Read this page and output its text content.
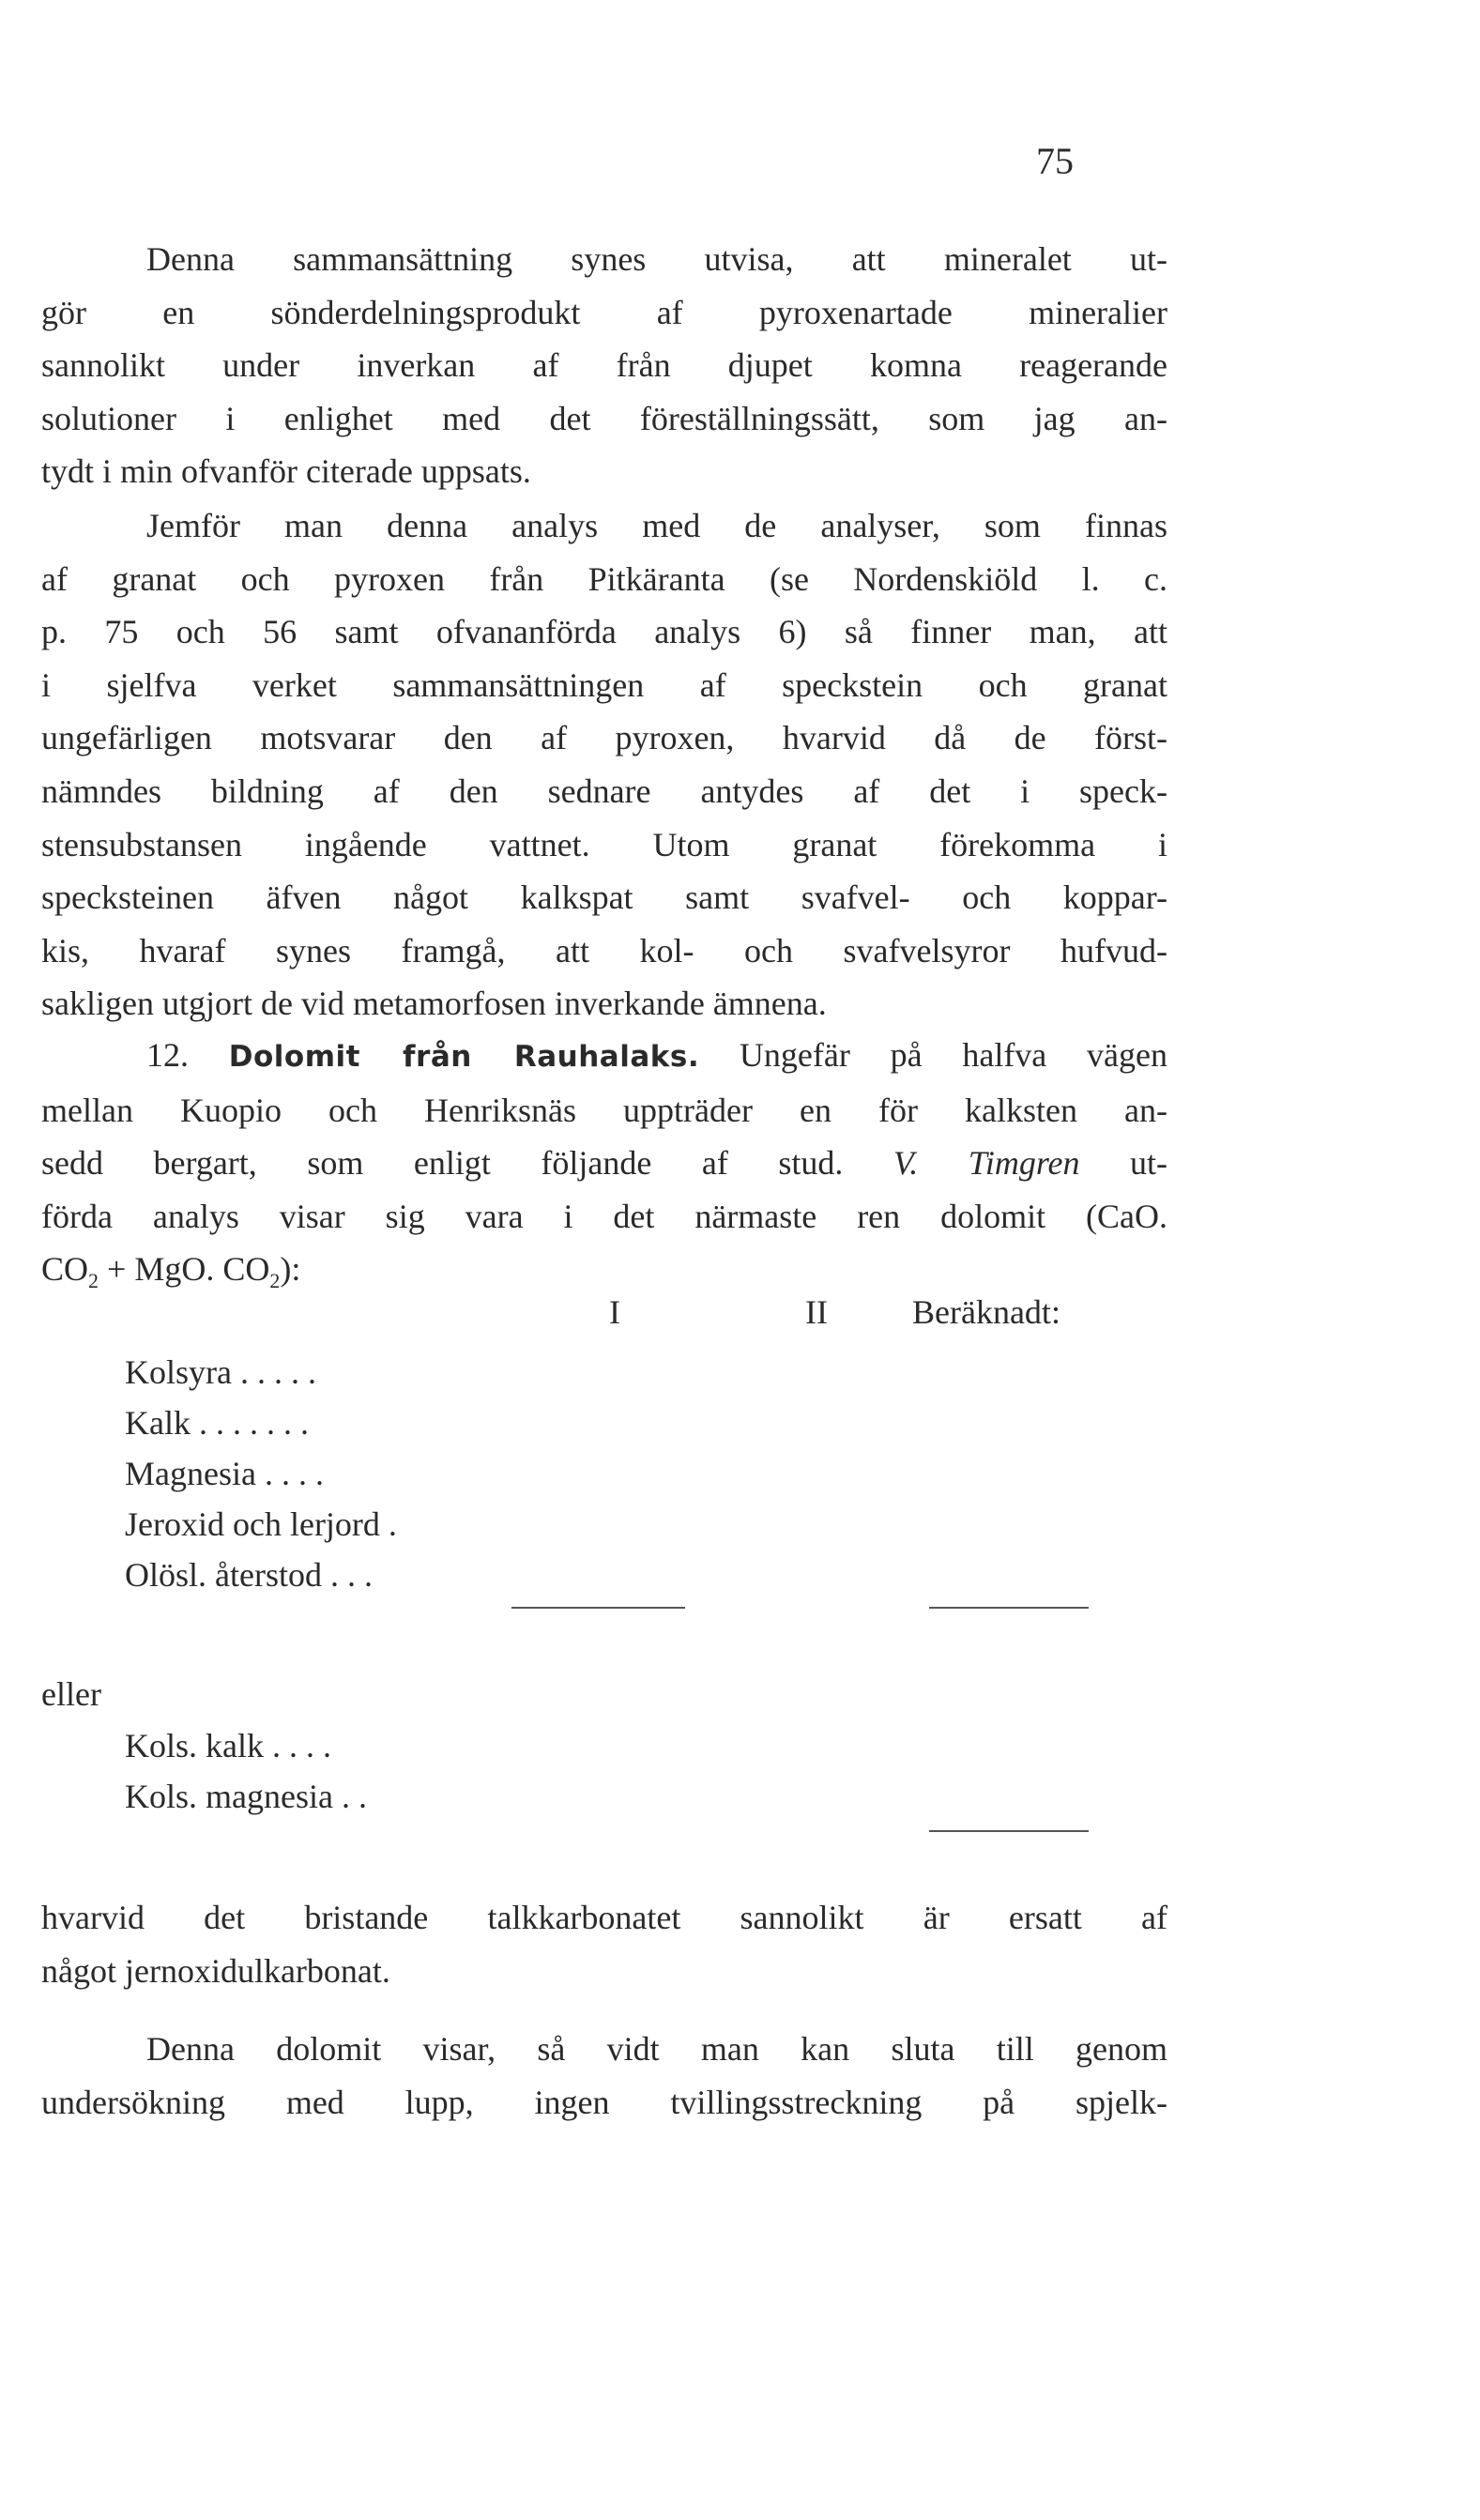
75
Denna sammansättning synes utvisa, att mineralet ut-
gör en sönderdelningsprodukt af pyroxenartade mineralier
sannolikt under inverkan af från djupet komna reagerande
solutioner i enlighet med det föreställningssätt, som jag an-
tydt i min ofvanför citerade uppsats.
Jemför man denna analys med de analyser, som finnas
af granat och pyroxen från Pitkäranta (se Nordenskiöld l. c.
p. 75 och 56 samt ofvananförda analys 6) så finner man, att
i sjelfva verket sammansättningen af speckstein och granat
ungefärligen motsvarar den af pyroxen, hvarvid då de först-
nämndes bildning af den sednare antydes af det i speck-
stensubstansen ingående vattnet. Utom granat förekomma i
specksteinen äfven något kalkspat samt svafvel- och koppar-
kis, hvaraf synes framgå, att kol- och svafvelsyror hufvud-
sakligen utgjort de vid metamorfosen inverkande ämnena.
12. Dolomit från Rauhalaks. Ungefär på halfva vägen
mellan Kuopio och Henriksnäs uppträder en för kalksten an-
sedd bergart, som enligt följande af stud. V. Timgren ut-
förda analys visar sig vara i det närmaste ren dolomit (CaO.
$CO_2$ + MgO. $CO_2$):
I	II	Beräknadt:
Kolsyra . . . . .
Kalk . . . . . . .
Magnesia . . . .
Jeroxid och lerjord .
Olösl. återstod . . .
eller
Kols. kalk . . . .
Kols. magnesia . .
hvarvid det bristande talkkarbonatet sannolikt är ersatt af
något jernoxidulkarbonat.
Denna dolomit visar, så vidt man kan sluta till genom
undersökning med lupp, ingen tvillingsstreckning på spjelk-
